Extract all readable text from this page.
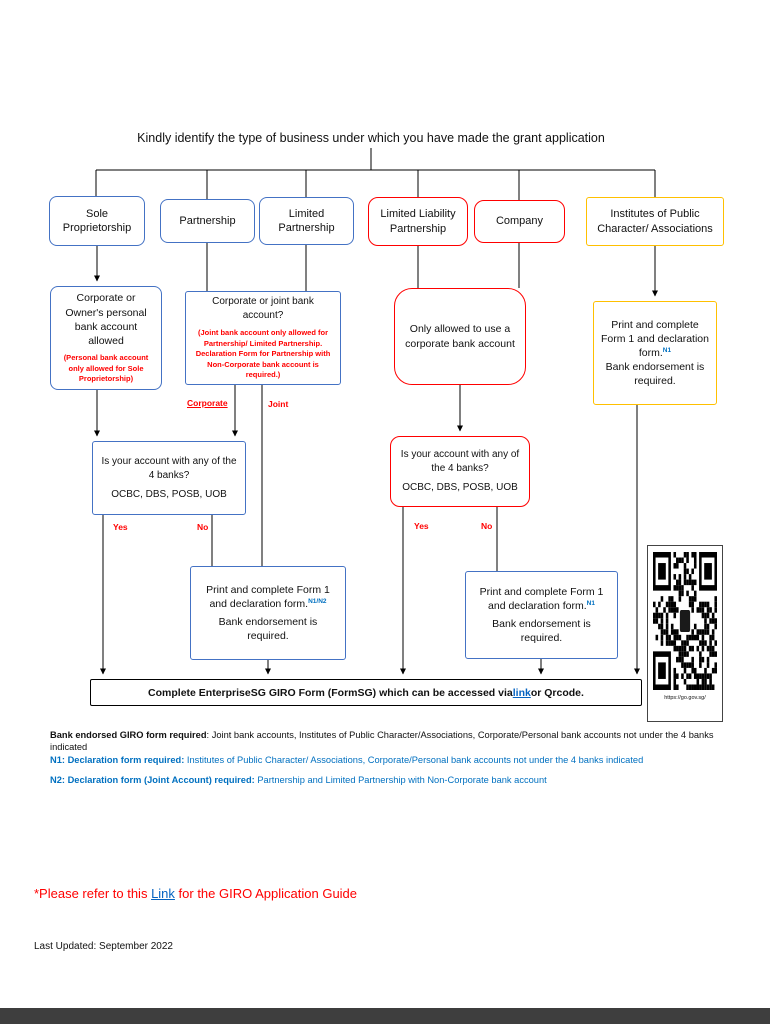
Kindly identify the type of business under which you have made the grant application
Sole Proprietorship
Partnership
Limited Partnership
Limited Liability Partnership
Company
Institutes of Public Character/ Associations
Corporate or Owner's personal bank account allowed
(Personal bank account only allowed for Sole Proprietorship)
Corporate or joint bank account?
(Joint bank account only allowed for Partnership/ Limited Partnership. Declaration Form for Partnership with Non-Corporate bank account is required.)
Only allowed to use a corporate bank account
Print and complete Form 1 and declaration form.$^{N1}$
Bank endorsement is required.
Corporate	Joint
Is your account with any of the 4 banks?
OCBC, DBS, POSB, UOB
Is your account with any of the 4 banks?
OCBC, DBS, POSB, UOB
Yes	No	Yes	No
Print and complete Form 1 and declaration form.$^{N1/N2}$
Bank endorsement is required.
Print and complete Form 1 and declaration form.$^{N1}$
Bank endorsement is required.
Complete EnterpriseSG GIRO Form (FormSG) which can be accessed via link or Qrcode.	https://go.gov.sg/
Bank endorsed GIRO form required: Joint bank accounts, Institutes of Public Character/Associations, Corporate/Personal bank accounts not under the 4 banks indicated
N1: Declaration form required: Institutes of Public Character/ Associations, Corporate/Personal bank accounts not under the 4 banks indicated
N2: Declaration form (Joint Account) required: Partnership and Limited Partnership with Non-Corporate bank account
*Please refer to this Link for the GIRO Application Guide
Last Updated: September 2022
